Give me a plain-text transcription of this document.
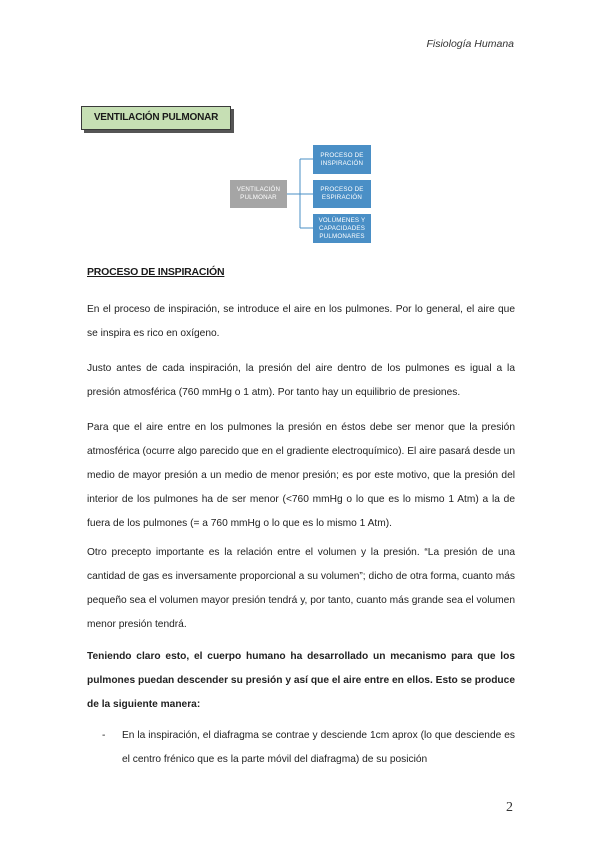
Fisiología Humana
VENTILACIÓN PULMONAR
VENTILACIÓN PULMONAR
PROCESO DE INSPIRACIÓN
PROCESO DE ESPIRACIÓN
VOLÚMENES Y CAPACIDADES PULMONARES
PROCESO DE INSPIRACIÓN
En el proceso de inspiración, se introduce el aire en los pulmones. Por lo general, el aire que se inspira es rico en oxígeno.
Justo antes de cada inspiración, la presión del aire dentro de los pulmones es igual a la presión atmosférica (760 mmHg o 1 atm). Por tanto hay un equilibrio de presiones.
Para que el aire entre en los pulmones la presión en éstos debe ser menor que la presión atmosférica (ocurre algo parecido que en el gradiente electroquímico). El aire pasará desde un medio de mayor presión a un medio de menor presión; es por este motivo, que la presión del interior de los pulmones ha de ser menor (<760 mmHg o lo que es lo mismo 1 Atm) a la de fuera de los pulmones (= a 760 mmHg o lo que es lo mismo 1 Atm).
Otro precepto importante es la relación entre el volumen y la presión. “La presión de una cantidad de gas es inversamente proporcional a su volumen”; dicho de otra forma, cuanto más pequeño sea el volumen mayor presión tendrá y, por tanto, cuanto más grande sea el volumen menor presión tendrá.
Teniendo claro esto, el cuerpo humano ha desarrollado un mecanismo para que los pulmones puedan descender su presión y así que el aire entre en ellos. Esto se produce de la siguiente manera:
-	En la inspiración, el diafragma se contrae y desciende 1cm aprox (lo que desciende es el centro frénico que es la parte móvil del diafragma) de su posición
2
